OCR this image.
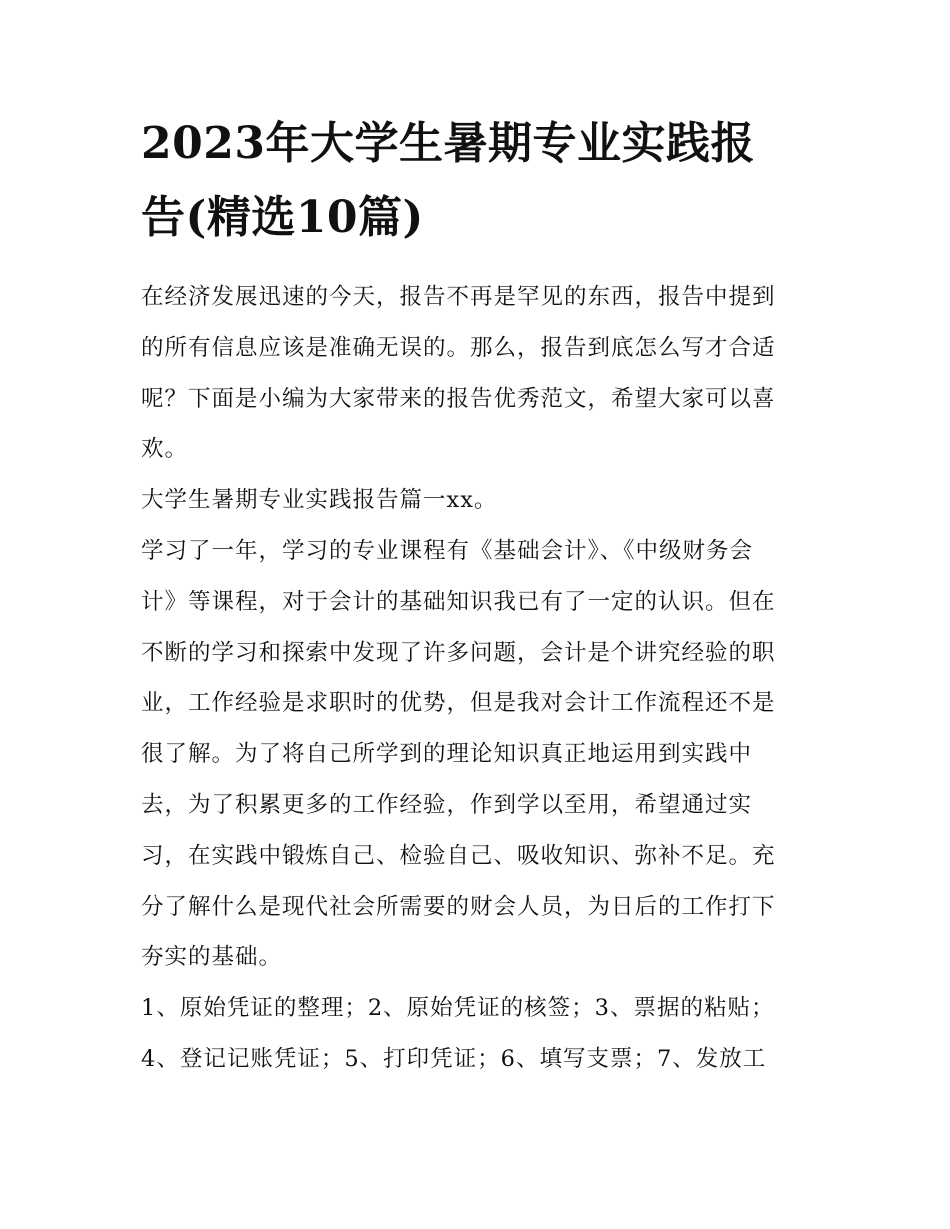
2023年大学生暑期专业实践报
告(精选10篇)

在经济发展迅速的今天，报告不再是罕见的东西，报告中提到
的所有信息应该是准确无误的。那么，报告到底怎么写才合适
呢？下面是小编为大家带来的报告优秀范文，希望大家可以喜
欢。

大学生暑期专业实践报告篇一xx。

学习了一年，学习的专业课程有《基础会计》、《中级财务会
计》等课程，对于会计的基础知识我已有了一定的认识。但在
不断的学习和探索中发现了许多问题，会计是个讲究经验的职
业，工作经验是求职时的优势，但是我对会计工作流程还不是
很了解。为了将自己所学到的理论知识真正地运用到实践中
去，为了积累更多的工作经验，作到学以至用，希望通过实
习，在实践中锻炼自己、检验自己、吸收知识、弥补不足。充
分了解什么是现代社会所需要的财会人员，为日后的工作打下
夯实的基础。

1、原始凭证的整理；2、原始凭证的核签；3、票据的粘贴；
4、登记记账凭证；5、打印凭证；6、填写支票；7、发放工
